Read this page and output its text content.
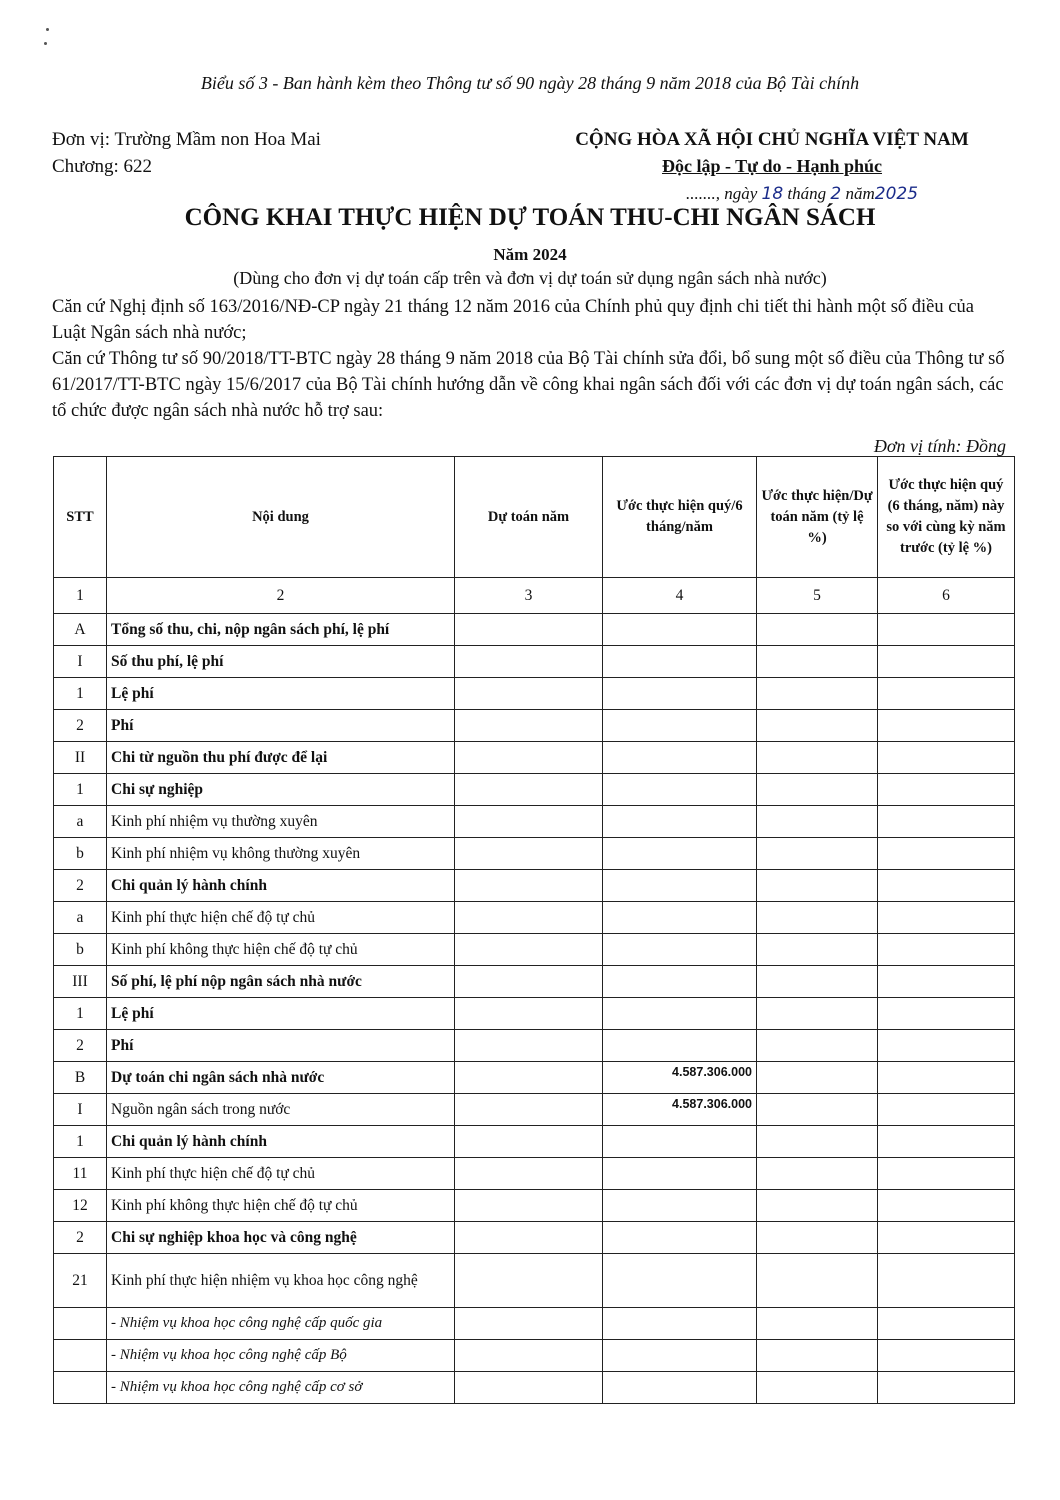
Biểu số 3 - Ban hành kèm theo Thông tư số 90 ngày 28 tháng 9 năm 2018 của Bộ Tài chính
Đơn vị: Trường Mầm non Hoa Mai
Chương: 622
CỘNG HÒA XÃ HỘI CHỦ NGHĨA VIỆT NAM
Độc lập - Tự do - Hạnh phúc
......., ngày 18 tháng 2 năm2025
CÔNG KHAI THỰC HIỆN DỰ TOÁN THU-CHI NGÂN SÁCH
Năm 2024
(Dùng cho đơn vị dự toán cấp trên và đơn vị dự toán sử dụng ngân sách nhà nước)
Căn cứ Nghị định số 163/2016/NĐ-CP ngày 21 tháng 12 năm 2016 của Chính phủ quy định chi tiết thi hành một số điều của Luật Ngân sách nhà nước;
Căn cứ Thông tư số 90/2018/TT-BTC ngày 28 tháng 9 năm 2018 của Bộ Tài chính sửa đổi, bổ sung một số điều của Thông tư số 61/2017/TT-BTC ngày 15/6/2017 của Bộ Tài chính hướng dẫn về công khai ngân sách đối với các đơn vị dự toán ngân sách, các tổ chức được ngân sách nhà nước hỗ trợ sau:
Đơn vị tính: Đồng
STT	Nội dung	Dự toán năm	Ước thực hiện quý/6 tháng/năm	Ước thực hiện/Dự toán năm (tỷ lệ %)	Ước thực hiện quý (6 tháng, năm) này so với cùng kỳ năm trước (tỷ lệ %)
1	2	3	4	5	6
A	Tổng số thu, chi, nộp ngân sách phí, lệ phí				
I	Số thu phí, lệ phí				
1	Lệ phí				
2	Phí				
II	Chi từ nguồn thu phí được để lại				
1	Chi sự nghiệp				
a	Kinh phí nhiệm vụ thường xuyên				
b	Kinh phí nhiệm vụ không thường xuyên				
2	Chi quản lý hành chính				
a	Kinh phí thực hiện chế độ tự chủ				
b	Kinh phí không thực hiện chế độ tự chủ				
III	Số phí, lệ phí nộp ngân sách nhà nước				
1	Lệ phí				
2	Phí				
B	Dự toán chi ngân sách nhà nước		4.587.306.000		
I	Nguồn ngân sách trong nước		4.587.306.000		
1	Chi quản lý hành chính				
11	Kinh phí thực hiện chế độ tự chủ				
12	Kinh phí không thực hiện chế độ tự chủ				
2	Chi sự nghiệp khoa học và công nghệ				
21	Kinh phí thực hiện nhiệm vụ khoa học công nghệ				
	- Nhiệm vụ khoa học công nghệ cấp quốc gia				
	- Nhiệm vụ khoa học công nghệ cấp Bộ				
	- Nhiệm vụ khoa học công nghệ cấp cơ sở				
